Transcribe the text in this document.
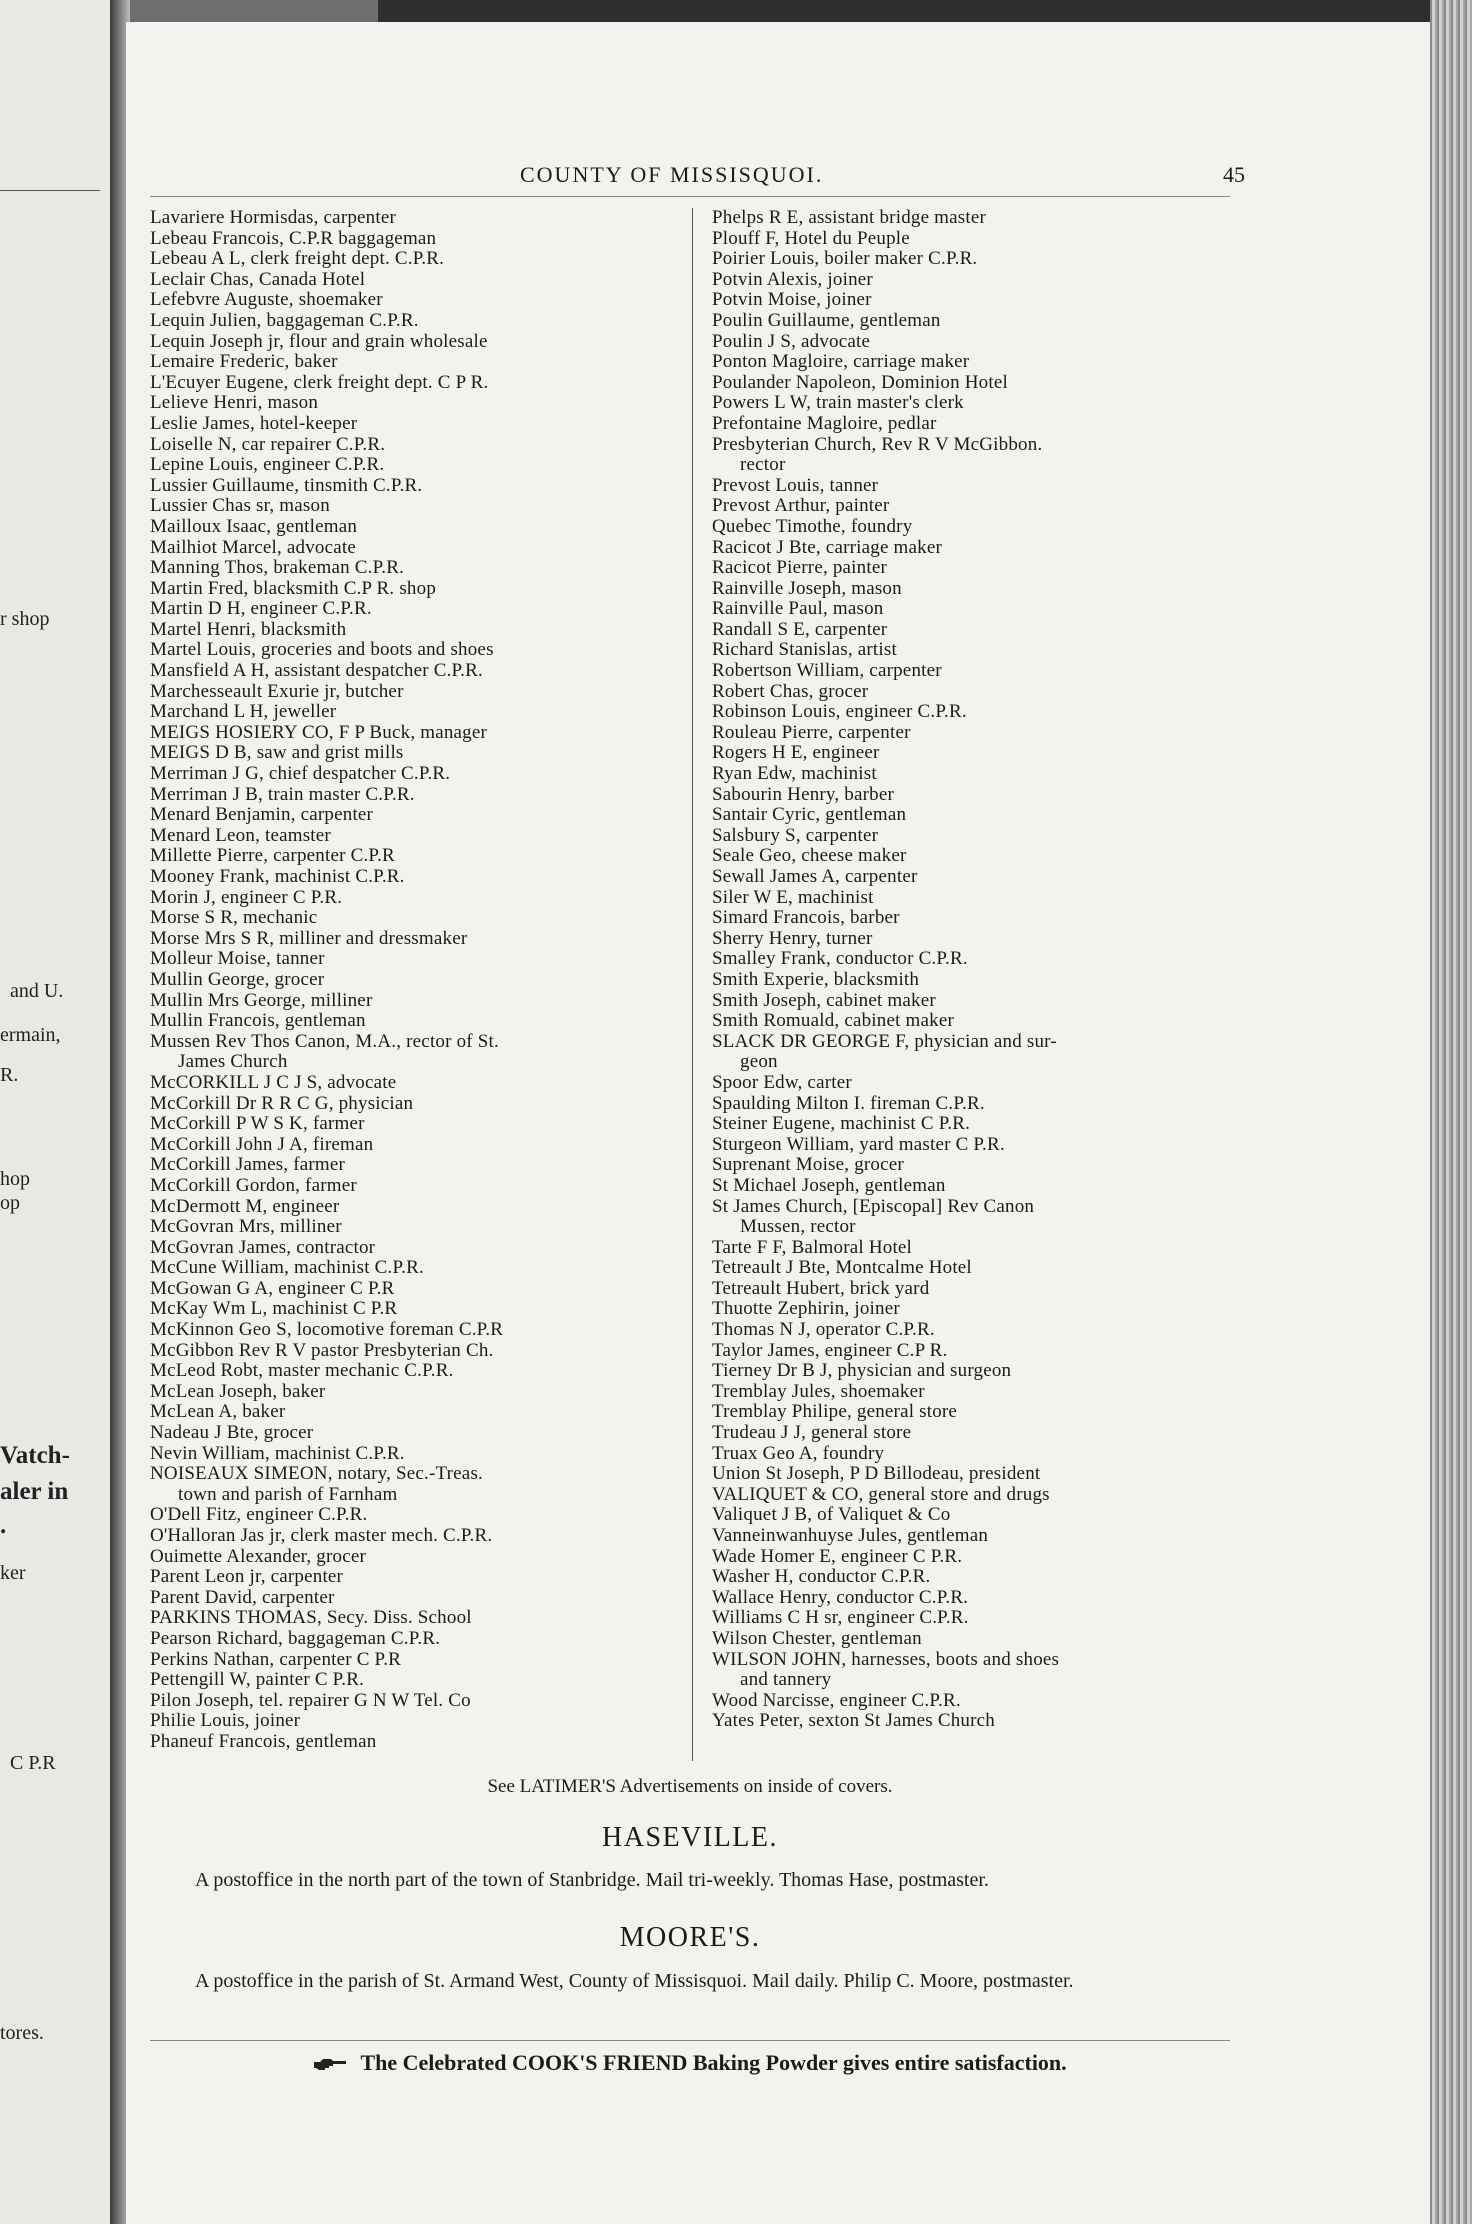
r shop
and U.
ermain,
R.
hop
op
Vatch-
aler in
.
ker
C P.R
tores.
COUNTY OF MISSISQUOI.	45
Lavariere Hormisdas, carpenter
Lebeau Francois, C.P.R baggageman
Lebeau A L, clerk freight dept. C.P.R.
Leclair Chas, Canada Hotel
Lefebvre Auguste, shoemaker
Lequin Julien, baggageman C.P.R.
Lequin Joseph jr, flour and grain wholesale
Lemaire Frederic, baker
L'Ecuyer Eugene, clerk freight dept. C P R.
Lelieve Henri, mason
Leslie James, hotel-keeper
Loiselle N, car repairer C.P.R.
Lepine Louis, engineer C.P.R.
Lussier Guillaume, tinsmith C.P.R.
Lussier Chas sr, mason
Mailloux Isaac, gentleman
Mailhiot Marcel, advocate
Manning Thos, brakeman C.P.R.
Martin Fred, blacksmith C.P R. shop
Martin D H, engineer C.P.R.
Martel Henri, blacksmith
Martel Louis, groceries and boots and shoes
Mansfield A H, assistant despatcher C.P.R.
Marchesseault Exurie jr, butcher
Marchand L H, jeweller
MEIGS HOSIERY CO, F P Buck, manager
MEIGS D B, saw and grist mills
Merriman J G, chief despatcher C.P.R.
Merriman J B, train master C.P.R.
Menard Benjamin, carpenter
Menard Leon, teamster
Millette Pierre, carpenter C.P.R
Mooney Frank, machinist C.P.R.
Morin J, engineer C P.R.
Morse S R, mechanic
Morse Mrs S R, milliner and dressmaker
Molleur Moise, tanner
Mullin George, grocer
Mullin Mrs George, milliner
Mullin Francois, gentleman
Mussen Rev Thos Canon, M.A., rector of St.
James Church
McCORKILL J C J S, advocate
McCorkill Dr R R C G, physician
McCorkill P W S K, farmer
McCorkill John J A, fireman
McCorkill James, farmer
McCorkill Gordon, farmer
McDermott M, engineer
McGovran Mrs, milliner
McGovran James, contractor
McCune William, machinist C.P.R.
McGowan G A, engineer C P.R
McKay Wm L, machinist C P.R
McKinnon Geo S, locomotive foreman C.P.R
McGibbon Rev R V pastor Presbyterian Ch.
McLeod Robt, master mechanic C.P.R.
McLean Joseph, baker
McLean A, baker
Nadeau J Bte, grocer
Nevin William, machinist C.P.R.
NOISEAUX SIMEON, notary, Sec.-Treas.
town and parish of Farnham
O'Dell Fitz, engineer C.P.R.
O'Halloran Jas jr, clerk master mech. C.P.R.
Ouimette Alexander, grocer
Parent Leon jr, carpenter
Parent David, carpenter
PARKINS THOMAS, Secy. Diss. School
Pearson Richard, baggageman C.P.R.
Perkins Nathan, carpenter C P.R
Pettengill W, painter C P.R.
Pilon Joseph, tel. repairer G N W Tel. Co
Philie Louis, joiner
Phaneuf Francois, gentleman
Phelps R E, assistant bridge master
Plouff F, Hotel du Peuple
Poirier Louis, boiler maker C.P.R.
Potvin Alexis, joiner
Potvin Moise, joiner
Poulin Guillaume, gentleman
Poulin J S, advocate
Ponton Magloire, carriage maker
Poulander Napoleon, Dominion Hotel
Powers L W, train master's clerk
Prefontaine Magloire, pedlar
Presbyterian Church, Rev R V McGibbon.
rector
Prevost Louis, tanner
Prevost Arthur, painter
Quebec Timothe, foundry
Racicot J Bte, carriage maker
Racicot Pierre, painter
Rainville Joseph, mason
Rainville Paul, mason
Randall S E, carpenter
Richard Stanislas, artist
Robertson William, carpenter
Robert Chas, grocer
Robinson Louis, engineer C.P.R.
Rouleau Pierre, carpenter
Rogers H E, engineer
Ryan Edw, machinist
Sabourin Henry, barber
Santair Cyric, gentleman
Salsbury S, carpenter
Seale Geo, cheese maker
Sewall James A, carpenter
Siler W E, machinist
Simard Francois, barber
Sherry Henry, turner
Smalley Frank, conductor C.P.R.
Smith Experie, blacksmith
Smith Joseph, cabinet maker
Smith Romuald, cabinet maker
SLACK DR GEORGE F, physician and sur-
geon
Spoor Edw, carter
Spaulding Milton I. fireman C.P.R.
Steiner Eugene, machinist C P.R.
Sturgeon William, yard master C P.R.
Suprenant Moise, grocer
St Michael Joseph, gentleman
St James Church, [Episcopal] Rev Canon
Mussen, rector
Tarte F F, Balmoral Hotel
Tetreault J Bte, Montcalme Hotel
Tetreault Hubert, brick yard
Thuotte Zephirin, joiner
Thomas N J, operator C.P.R.
Taylor James, engineer C.P R.
Tierney Dr B J, physician and surgeon
Tremblay Jules, shoemaker
Tremblay Philipe, general store
Trudeau J J, general store
Truax Geo A, foundry
Union St Joseph, P D Billodeau, president
VALIQUET & CO, general store and drugs
Valiquet J B, of Valiquet & Co
Vanneinwanhuyse Jules, gentleman
Wade Homer E, engineer C P.R.
Washer H, conductor C.P.R.
Wallace Henry, conductor C.P.R.
Williams C H sr, engineer C.P.R.
Wilson Chester, gentleman
WILSON JOHN, harnesses, boots and shoes
and tannery
Wood Narcisse, engineer C.P.R.
Yates Peter, sexton St James Church
See LATIMER'S Advertisements on inside of covers.
HASEVILLE.
A postoffice in the north part of the town of Stanbridge. Mail tri-weekly. Thomas Hase, postmaster.
MOORE'S.
A postoffice in the parish of St. Armand West, County of Missisquoi. Mail daily. Philip C. Moore, postmaster.
The Celebrated COOK'S FRIEND Baking Powder gives entire satisfaction.
